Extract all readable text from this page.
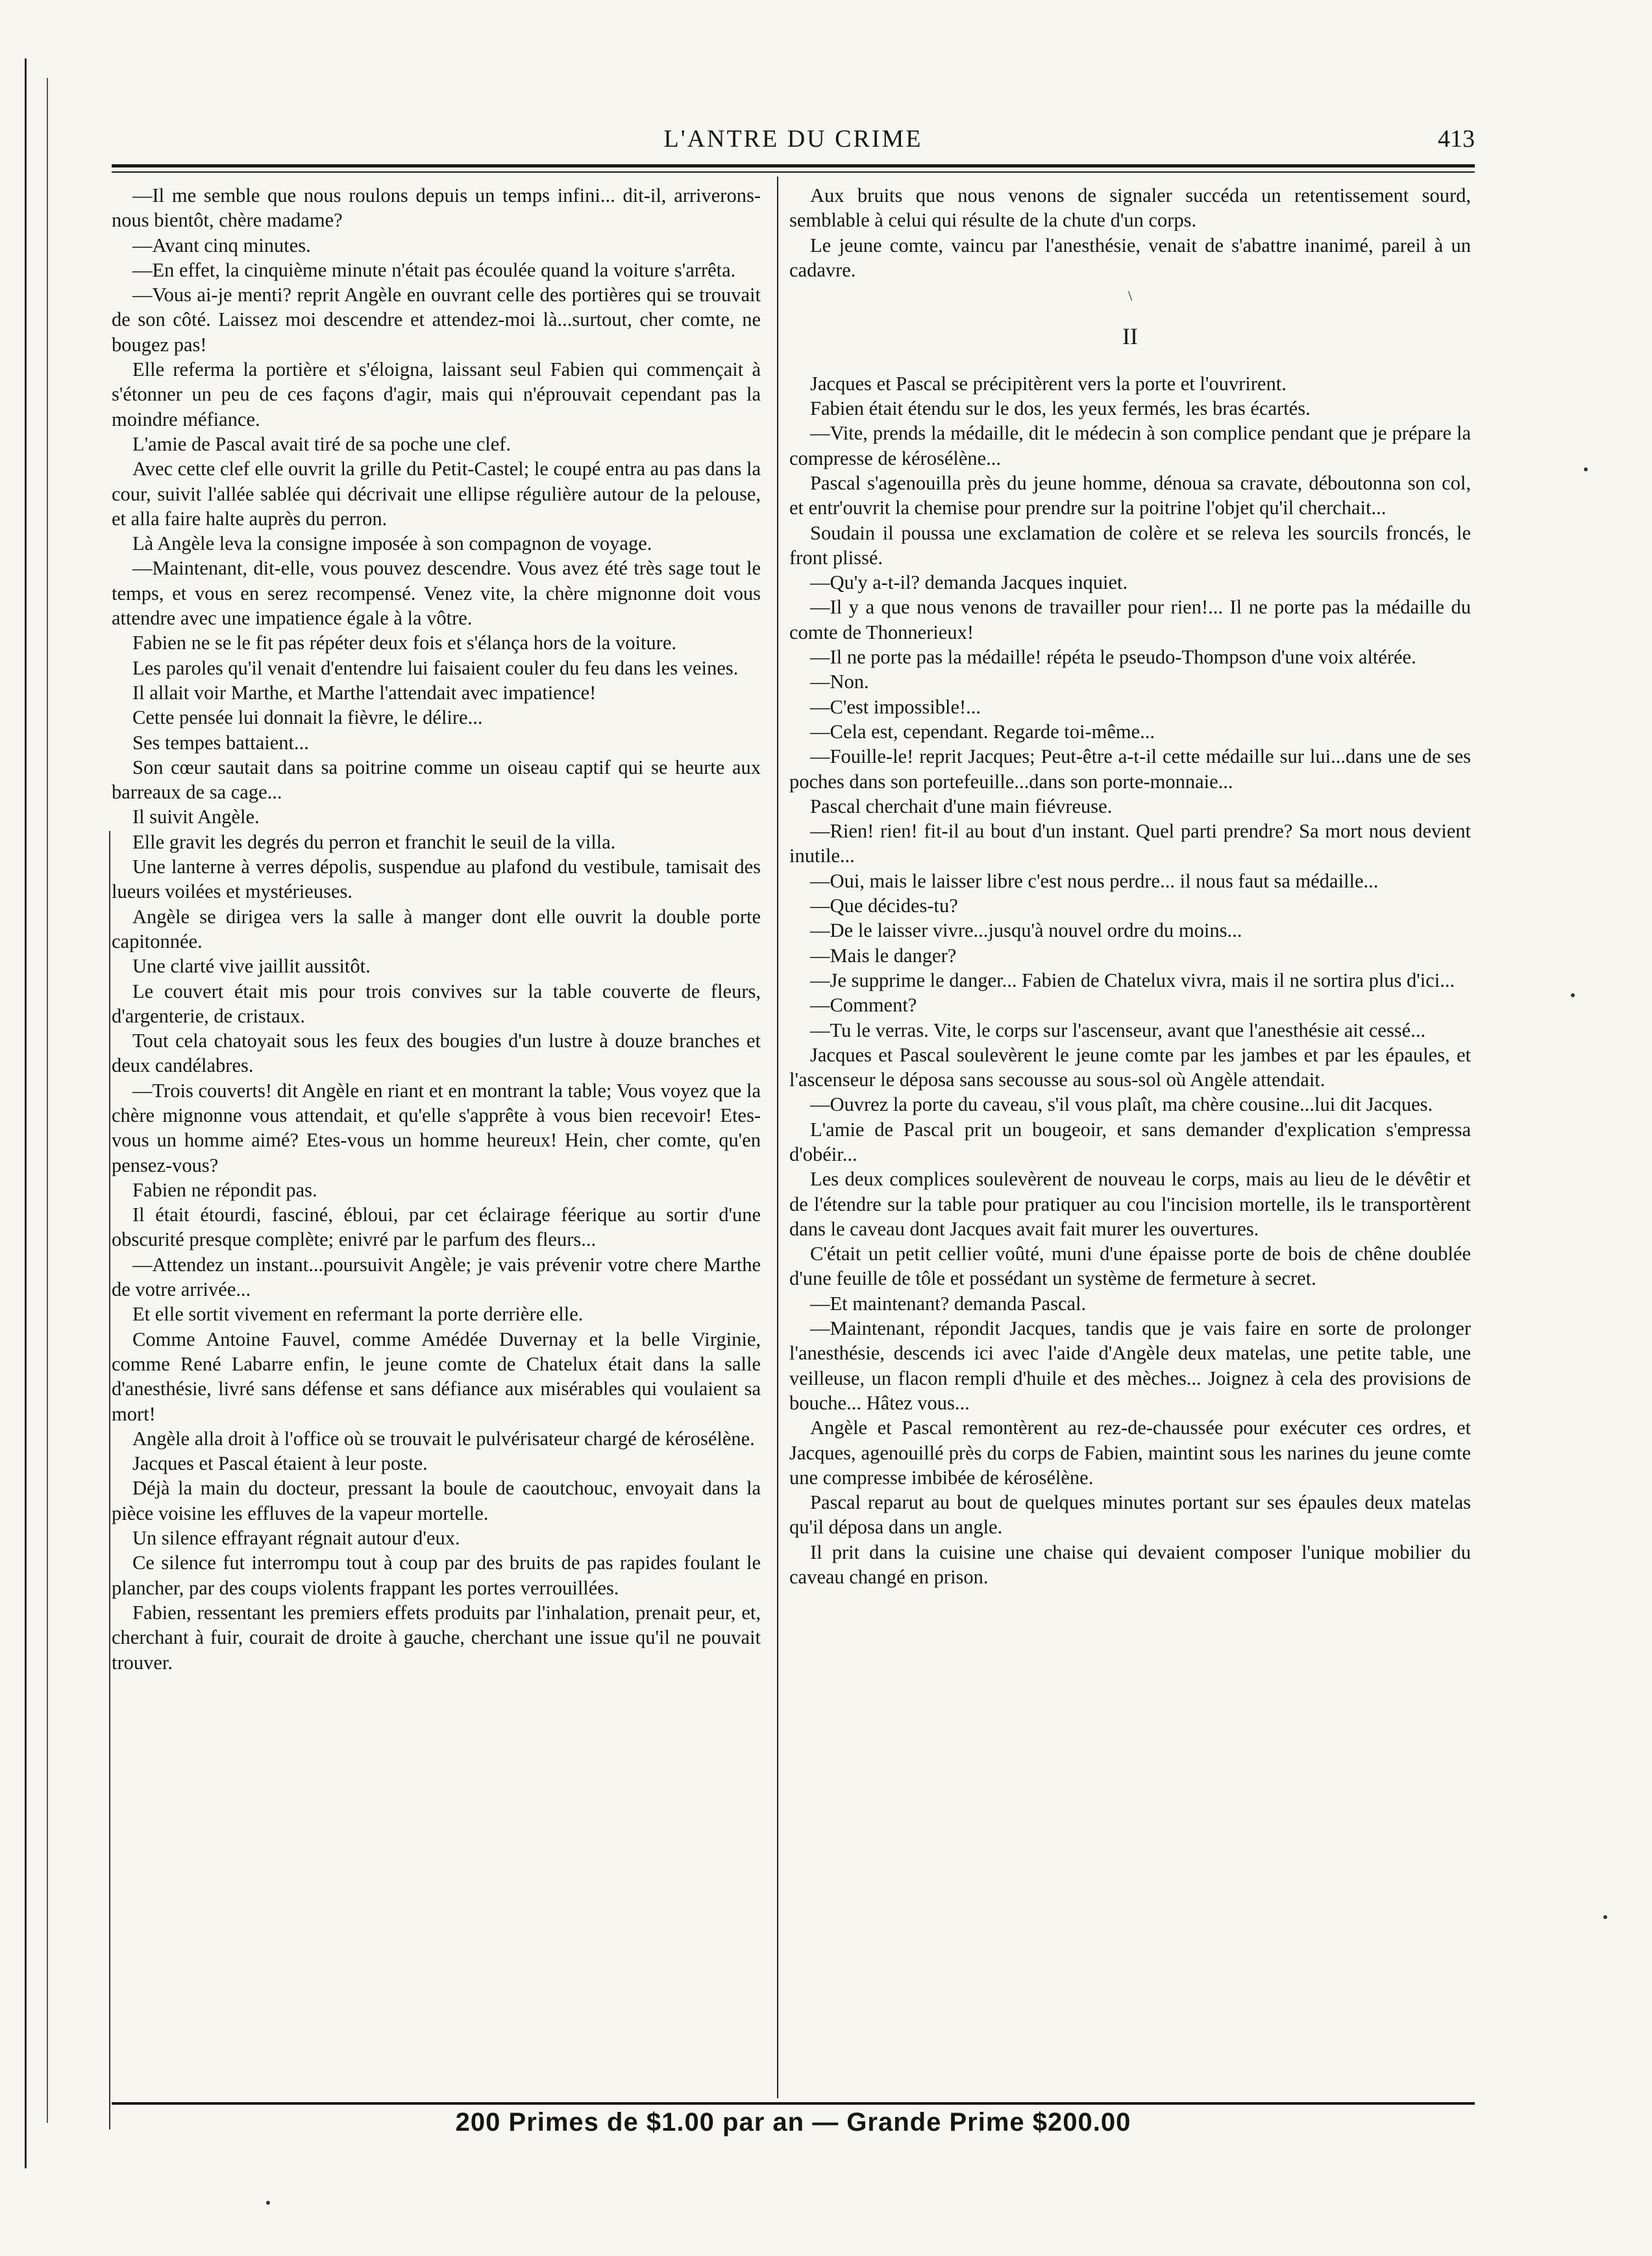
L'ANTRE DU CRIME	413

—Il me semble que nous roulons depuis un temps infini... dit-il, arriverons-nous bientôt, chère madame?

—Avant cinq minutes.

—En effet, la cinquième minute n'était pas écoulée quand la voiture s'arrêta.

—Vous ai-je menti? reprit Angèle en ouvrant celle des portières qui se trouvait de son côté. Laissez moi descendre et attendez-moi là...surtout, cher comte, ne bougez pas!

Elle referma la portière et s'éloigna, laissant seul Fabien qui commençait à s'étonner un peu de ces façons d'agir, mais qui n'éprouvait cependant pas la moindre méfiance.

L'amie de Pascal avait tiré de sa poche une clef.

Avec cette clef elle ouvrit la grille du Petit-Castel; le coupé entra au pas dans la cour, suivit l'allée sablée qui décrivait une ellipse régulière autour de la pelouse, et alla faire halte auprès du perron.

Là Angèle leva la consigne imposée à son compagnon de voyage.

—Maintenant, dit-elle, vous pouvez descendre. Vous avez été très sage tout le temps, et vous en serez recompensé. Venez vite, la chère mignonne doit vous attendre avec une impatience égale à la vôtre.

Fabien ne se le fit pas répéter deux fois et s'élança hors de la voiture.

Les paroles qu'il venait d'entendre lui faisaient couler du feu dans les veines.

Il allait voir Marthe, et Marthe l'attendait avec impatience!

Cette pensée lui donnait la fièvre, le délire...

Ses tempes battaient...

Son cœur sautait dans sa poitrine comme un oiseau captif qui se heurte aux barreaux de sa cage...

Il suivit Angèle.

Elle gravit les degrés du perron et franchit le seuil de la villa.

Une lanterne à verres dépolis, suspendue au plafond du vestibule, tamisait des lueurs voilées et mystérieuses.

Angèle se dirigea vers la salle à manger dont elle ouvrit la double porte capitonnée.

Une clarté vive jaillit aussitôt.

Le couvert était mis pour trois convives sur la table couverte de fleurs, d'argenterie, de cristaux.

Tout cela chatoyait sous les feux des bougies d'un lustre à douze branches et deux candélabres.

—Trois couverts! dit Angèle en riant et en montrant la table; Vous voyez que la chère mignonne vous attendait, et qu'elle s'apprête à vous bien recevoir! Etes-vous un homme aimé? Etes-vous un homme heureux! Hein, cher comte, qu'en pensez-vous?

Fabien ne répondit pas.

Il était étourdi, fasciné, ébloui, par cet éclairage féerique au sortir d'une obscurité presque complète; enivré par le parfum des fleurs...

—Attendez un instant...poursuivit Angèle; je vais prévenir votre chere Marthe de votre arrivée...

Et elle sortit vivement en refermant la porte derrière elle.

Comme Antoine Fauvel, comme Amédée Duvernay et la belle Virginie, comme René Labarre enfin, le jeune comte de Chatelux était dans la salle d'anesthésie, livré sans défense et sans défiance aux misérables qui voulaient sa mort!

Angèle alla droit à l'office où se trouvait le pulvérisateur chargé de kérosélène.

Jacques et Pascal étaient à leur poste.

Déjà la main du docteur, pressant la boule de caoutchouc, envoyait dans la pièce voisine les effluves de la vapeur mortelle.

Un silence effrayant régnait autour d'eux.

Ce silence fut interrompu tout à coup par des bruits de pas rapides foulant le plancher, par des coups violents frappant les portes verrouillées.

Fabien, ressentant les premiers effets produits par l'inhalation, prenait peur, et, cherchant à fuir, courait de droite à gauche, cherchant une issue qu'il ne pouvait trouver.

Aux bruits que nous venons de signaler succéda un retentissement sourd, semblable à celui qui résulte de la chute d'un corps.

Le jeune comte, vaincu par l'anesthésie, venait de s'abattre inanimé, pareil à un cadavre.

\

II

Jacques et Pascal se précipitèrent vers la porte et l'ouvrirent.

Fabien était étendu sur le dos, les yeux fermés, les bras écartés.

—Vite, prends la médaille, dit le médecin à son complice pendant que je prépare la compresse de kérosélène...

Pascal s'agenouilla près du jeune homme, dénoua sa cravate, déboutonna son col, et entr'ouvrit la chemise pour prendre sur la poitrine l'objet qu'il cherchait...

Soudain il poussa une exclamation de colère et se releva les sourcils froncés, le front plissé.

—Qu'y a-t-il? demanda Jacques inquiet.

—Il y a que nous venons de travailler pour rien!... Il ne porte pas la médaille du comte de Thonnerieux!

—Il ne porte pas la médaille! répéta le pseudo-Thompson d'une voix altérée.

—Non.

—C'est impossible!...

—Cela est, cependant. Regarde toi-même...

—Fouille-le! reprit Jacques; Peut-être a-t-il cette médaille sur lui...dans une de ses poches dans son portefeuille...dans son porte-monnaie...

Pascal cherchait d'une main fiévreuse.

—Rien! rien! fit-il au bout d'un instant. Quel parti prendre? Sa mort nous devient inutile...

—Oui, mais le laisser libre c'est nous perdre... il nous faut sa médaille...

—Que décides-tu?

—De le laisser vivre...jusqu'à nouvel ordre du moins...

—Mais le danger?

—Je supprime le danger... Fabien de Chatelux vivra, mais il ne sortira plus d'ici...

—Comment?

—Tu le verras. Vite, le corps sur l'ascenseur, avant que l'anesthésie ait cessé...

Jacques et Pascal soulevèrent le jeune comte par les jambes et par les épaules, et l'ascenseur le déposa sans secousse au sous-sol où Angèle attendait.

—Ouvrez la porte du caveau, s'il vous plaît, ma chère cousine...lui dit Jacques.

L'amie de Pascal prit un bougeoir, et sans demander d'explication s'empressa d'obéir...

Les deux complices soulevèrent de nouveau le corps, mais au lieu de le dévêtir et de l'étendre sur la table pour pratiquer au cou l'incision mortelle, ils le transportèrent dans le caveau dont Jacques avait fait murer les ouvertures.

C'était un petit cellier voûté, muni d'une épaisse porte de bois de chêne doublée d'une feuille de tôle et possédant un système de fermeture à secret.

—Et maintenant? demanda Pascal.

—Maintenant, répondit Jacques, tandis que je vais faire en sorte de prolonger l'anesthésie, descends ici avec l'aide d'Angèle deux matelas, une petite table, une veilleuse, un flacon rempli d'huile et des mèches... Joignez à cela des provisions de bouche... Hâtez vous...

Angèle et Pascal remontèrent au rez-de-chaussée pour exécuter ces ordres, et Jacques, agenouillé près du corps de Fabien, maintint sous les narines du jeune comte une compresse imbibée de kérosélène.

Pascal reparut au bout de quelques minutes portant sur ses épaules deux matelas qu'il déposa dans un angle.

Il prit dans la cuisine une chaise qui devaient composer l'unique mobilier du caveau changé en prison.

200 Primes de $1.00 par an — Grande Prime $200.00
